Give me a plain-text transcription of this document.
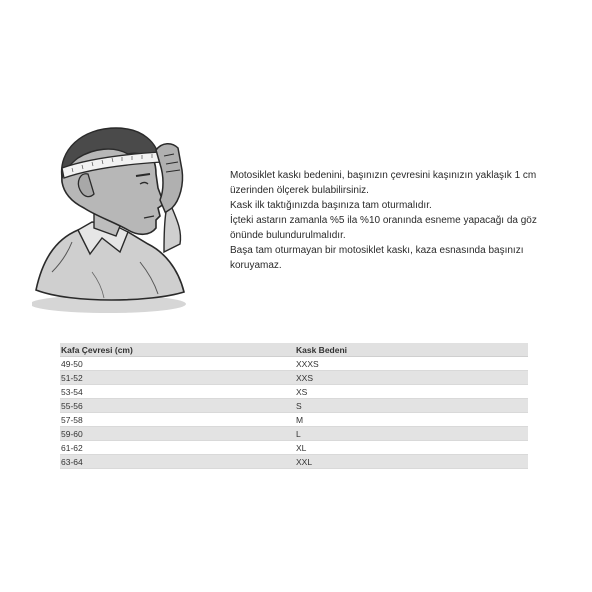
Motosiklet kaskı bedenini, başınızın çevresini kaşınızın yaklaşık 1 cm üzerinden ölçerek bulabilirsiniz.

Kask ilk taktığınızda başınıza tam oturmalıdır.

İçteki astarın zamanla %5 ila %10 oranında esneme yapacağı da göz önünde bulundurulmalıdır.

Başa tam oturmayan bir motosiklet kaskı, kaza esnasında başınızı koruyamaz.

Kafa Çevresi (cm)	Kask Bedeni
49-50	XXXS
51-52	XXS
53-54	XS
55-56	S
57-58	M
59-60	L
61-62	XL
63-64	XXL
